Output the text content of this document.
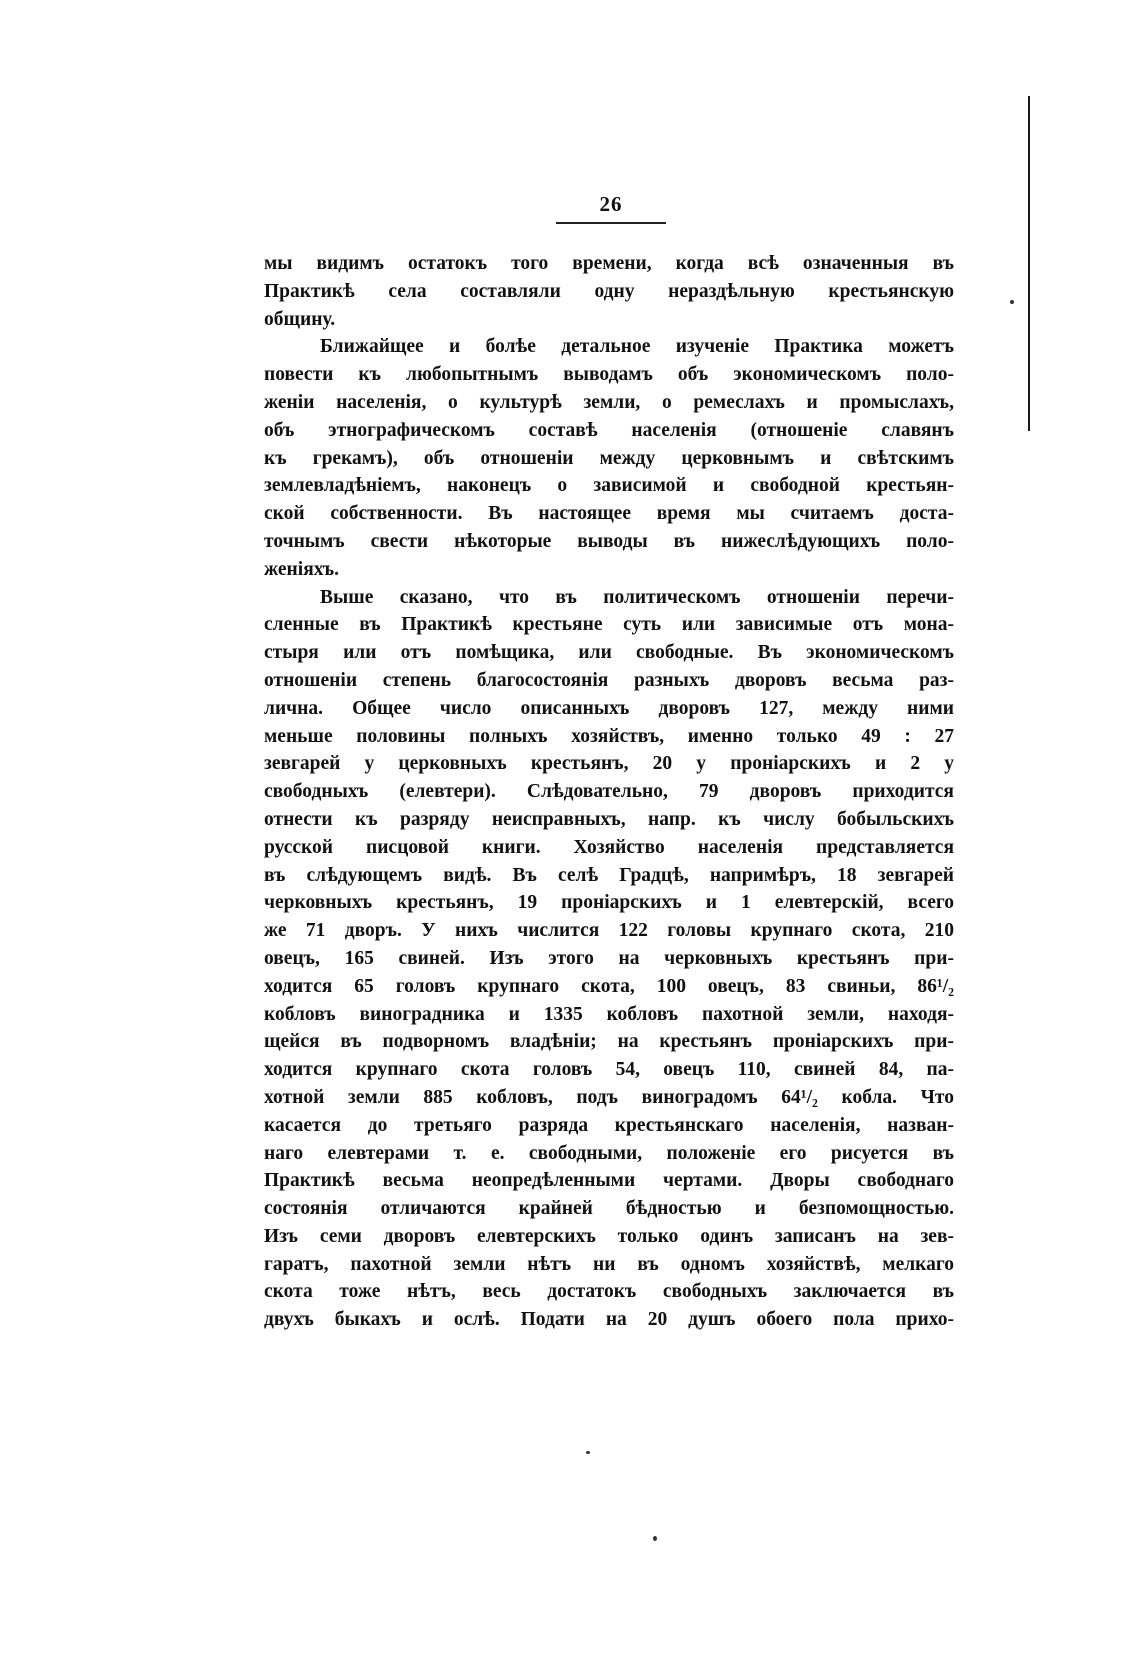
26
мы видимъ остатокъ того времени, когда всѣ означенныя въ
Практикѣ села составляли одну нераздѣльную крестьянскую
общину.
Ближайщее и болѣе детальное изученіе Практика можетъ
повести къ любопытнымъ выводамъ объ экономическомъ поло-
женіи населенія, о культурѣ земли, о ремеслахъ и промыслахъ,
объ этнографическомъ составѣ населенія (отношеніе славянъ
къ грекамъ), объ отношеніи между церковнымъ и свѣтскимъ
землевладѣніемъ, наконецъ о зависимой и свободной крестьян-
ской собственности. Въ настоящее время мы считаемъ доста-
точнымъ свести нѣкоторые выводы въ нижеслѣдующихъ поло-
женіяхъ.
Выше сказано, что въ политическомъ отношеніи перечи-
сленные въ Практикѣ крестьяне суть или зависимые отъ мона-
стыря или отъ помѣщика, или свободные. Въ экономическомъ
отношеніи степень благосостоянія разныхъ дворовъ весьма раз-
лична. Общее число описанныхъ дворовъ 127, между ними
меньше половины полныхъ хозяйствъ, именно только 49 : 27
зевгарей у церковныхъ крестьянъ, 20 у проніарскихъ и 2 у
свободныхъ (елевтери). Слѣдовательно, 79 дворовъ приходится
отнести къ разряду неисправныхъ, напр. къ числу бобыльскихъ
русской писцовой книги. Хозяйство населенія представляется
въ слѣдующемъ видѣ. Въ селѣ Градцѣ, напримѣръ, 18 зевгарей
черковныхъ крестьянъ, 19 проніарскихъ и 1 елевтерскій, всего
же 71 дворъ. У нихъ числится 122 головы крупнаго скота, 210
овецъ, 165 свиней. Изъ этого на черковныхъ крестьянъ при-
ходится 65 головъ крупнаго скота, 100 овецъ, 83 свиньи, 86¹/₂
кобловъ виноградника и 1335 кобловъ пахотной земли, находя-
щейся въ подворномъ владѣніи; на крестьянъ проніарскихъ при-
ходится крупнаго скота головъ 54, овецъ 110, свиней 84, па-
хотной земли 885 кобловъ, подъ виноградомъ 64¹/₂ кобла. Что
касается до третьяго разряда крестьянскаго населенія, назван-
наго елевтерами т. е. свободными, положеніе его рисуется въ
Практикѣ весьма неопредѣленными чертами. Дворы свободнаго
состоянія отличаются крайней бѣдностью и безпомощностью.
Изъ семи дворовъ елевтерскихъ только одинъ записанъ на зев-
гаратъ, пахотной земли нѣтъ ни въ одномъ хозяйствѣ, мелкаго
скота тоже нѣтъ, весь достатокъ свободныхъ заключается въ
двухъ быкахъ и ослѣ. Подати на 20 душъ обоего пола прихо-
